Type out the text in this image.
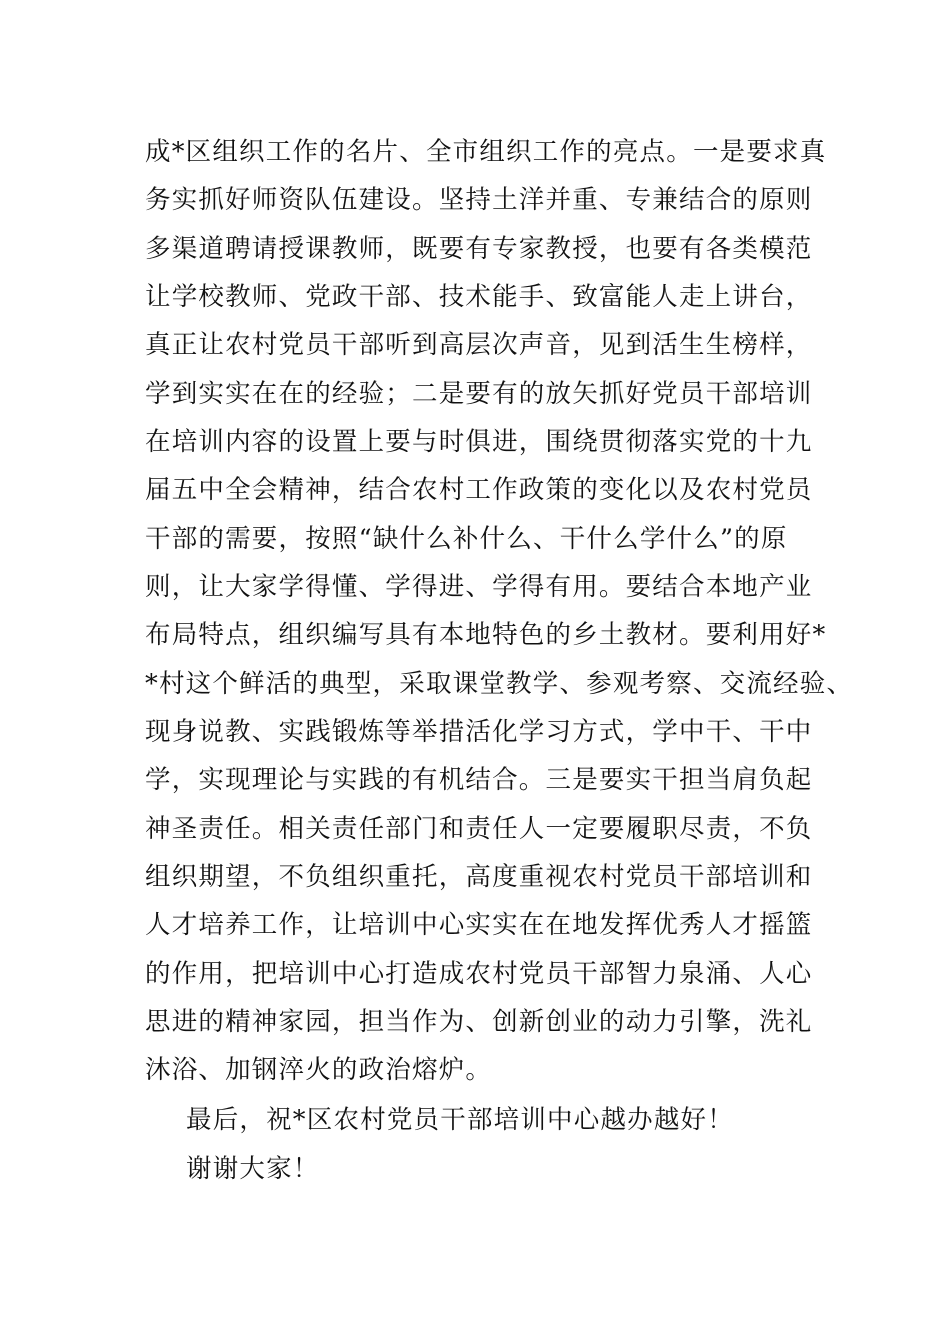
成*区组织工作的名片、全市组织工作的亮点。一是要求真
务实抓好师资队伍建设。坚持土洋并重、专兼结合的原则
多渠道聘请授课教师，既要有专家教授，也要有各类模范
让学校教师、党政干部、技术能手、致富能人走上讲台，
真正让农村党员干部听到高层次声音，见到活生生榜样，
学到实实在在的经验；二是要有的放矢抓好党员干部培训
在培训内容的设置上要与时俱进，围绕贯彻落实党的十九
届五中全会精神，结合农村工作政策的变化以及农村党员
干部的需要，按照“缺什么补什么、干什么学什么”的原
则，让大家学得懂、学得进、学得有用。要结合本地产业
布局特点，组织编写具有本地特色的乡土教材。要利用好*
*村这个鲜活的典型，采取课堂教学、参观考察、交流经验、
现身说教、实践锻炼等举措活化学习方式，学中干、干中
学，实现理论与实践的有机结合。三是要实干担当肩负起
神圣责任。相关责任部门和责任人一定要履职尽责，不负
组织期望，不负组织重托，高度重视农村党员干部培训和
人才培养工作，让培训中心实实在在地发挥优秀人才摇篮
的作用，把培训中心打造成农村党员干部智力泉涌、人心
思进的精神家园，担当作为、创新创业的动力引擎，洗礼
沐浴、加钢淬火的政治熔炉。
最后，祝*区农村党员干部培训中心越办越好！
谢谢大家！
